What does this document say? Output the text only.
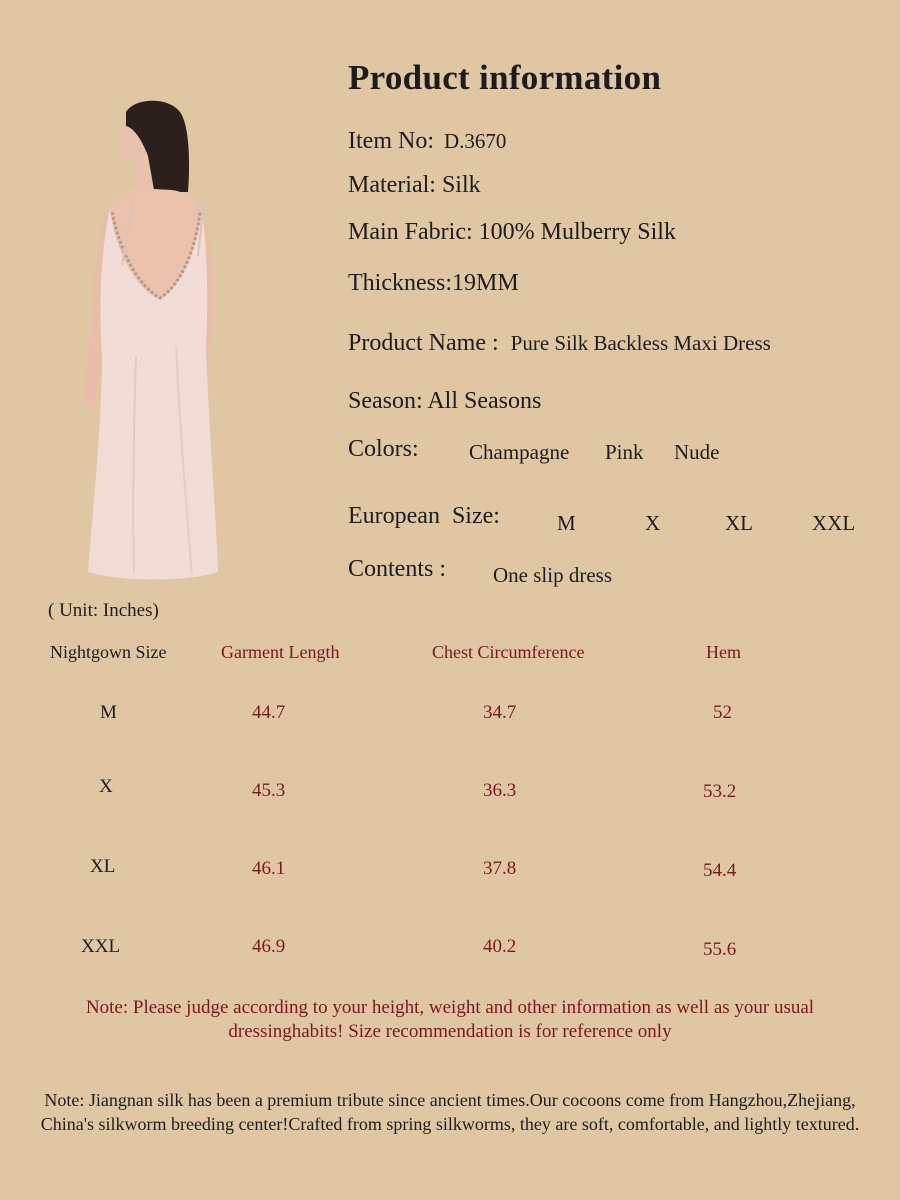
Product information
Item No: D.3670
Material: Silk
Main Fabric: 100% Mulberry Silk
Thickness:19MM
Product Name : Pure Silk Backless Maxi Dress
Season: All Seasons
Colors: Champagne Pink Nude
European  Size:	M	X	XL	XXL
Contents : One slip dress
( Unit: Inches)
Nightgown Size	Garment Length	Chest Circumference	Hem
M	44.7	34.7	52
X	45.3	36.3	53.2
XL	46.1	37.8	54.4
XXL	46.9	40.2	55.6
Note: Please judge according to your height, weight and other information as well as your usual dressinghabits! Size recommendation is for reference only
Note: Jiangnan silk has been a premium tribute since ancient times.Our cocoons come from Hangzhou,Zhejiang, China's silkworm breeding center!Crafted from spring silkworms, they are soft, comfortable, and lightly textured.
